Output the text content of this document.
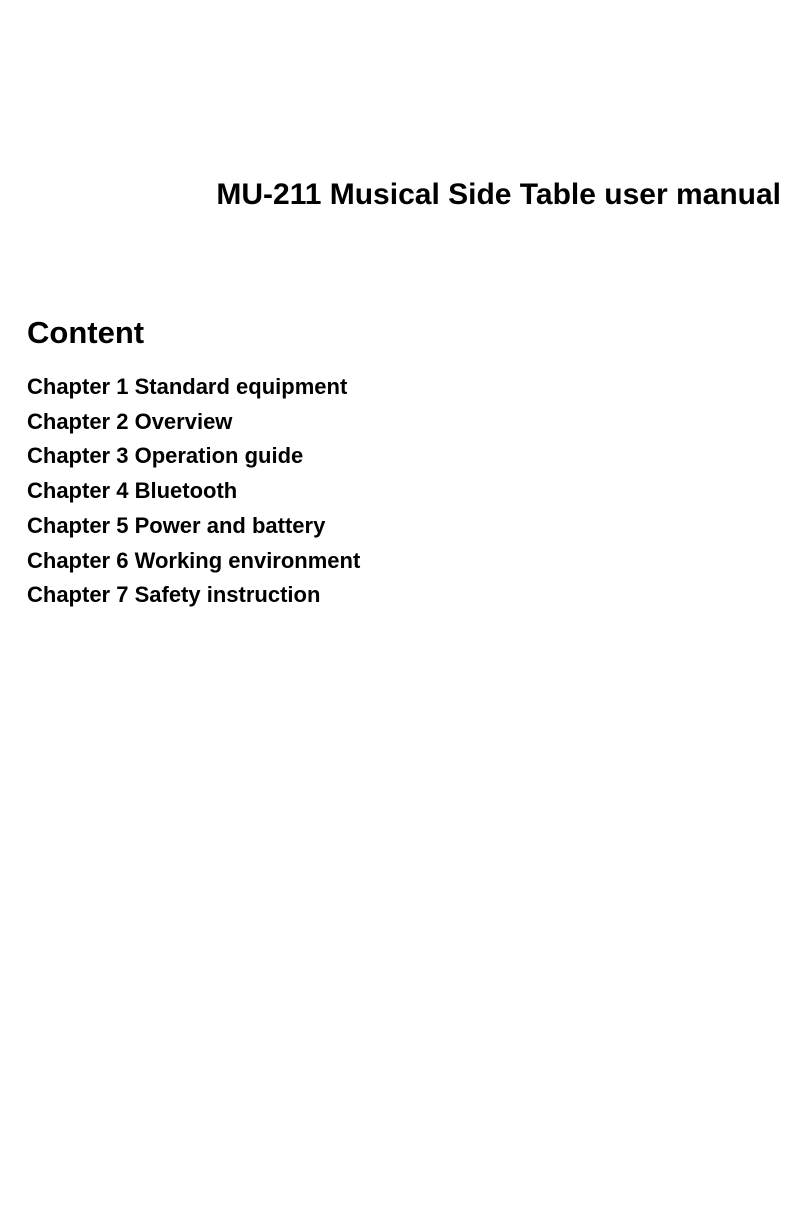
MU-211 Musical Side Table user manual
Content
Chapter 1 Standard equipment
Chapter 2 Overview
Chapter 3 Operation guide
Chapter 4 Bluetooth
Chapter 5 Power and battery
Chapter 6 Working environment
Chapter 7 Safety instruction
